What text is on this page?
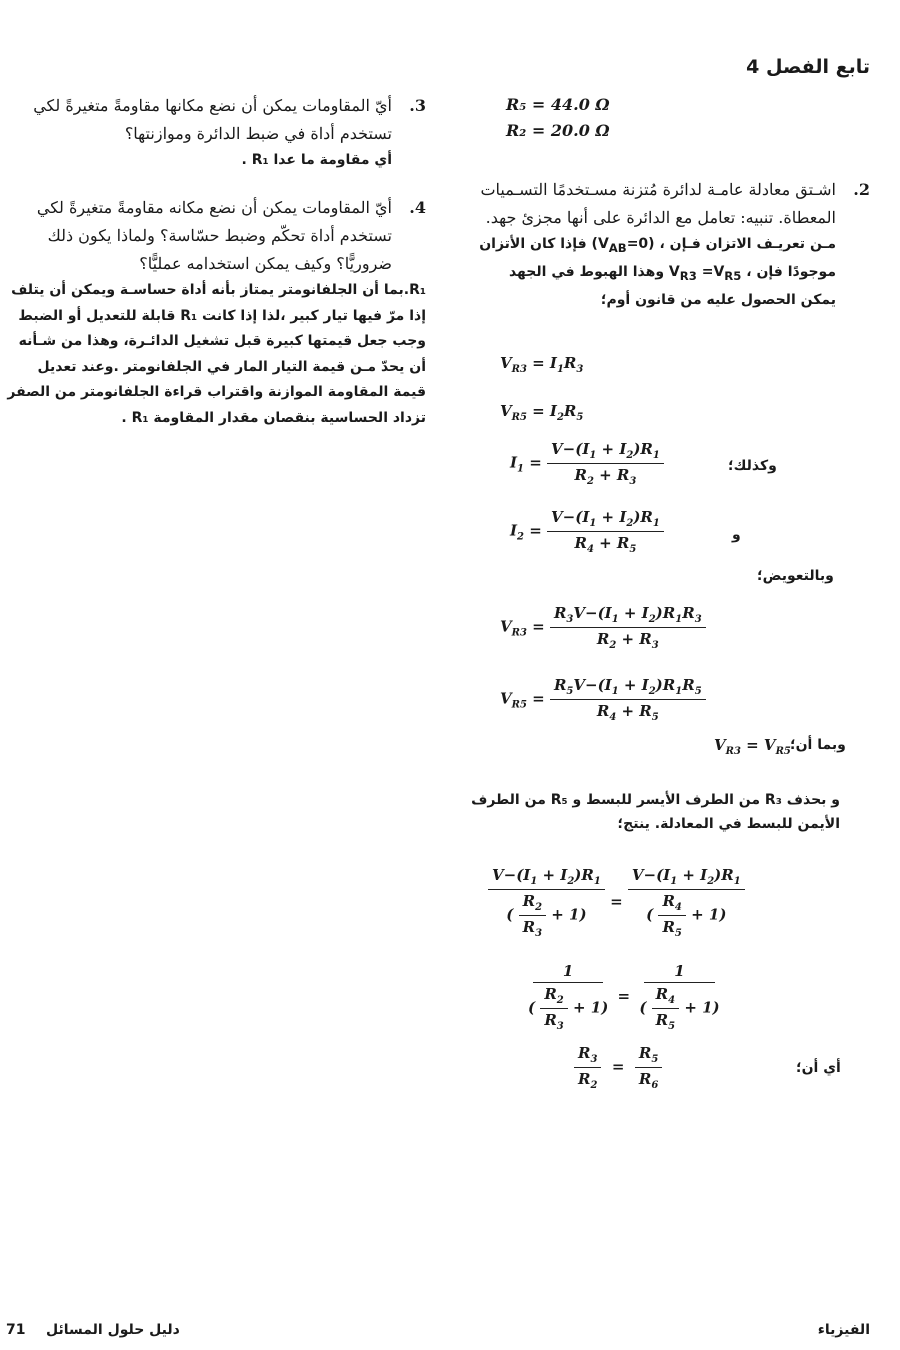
تابع الفصل 4
R₅ = 44.0 Ω
R₂ = 20.0 Ω
2.
اشـتق معادلة عامـة لدائرة مُتزنة مسـتخدمًا التسـميات المعطاة. تنبيه: تعامل مع الدائرة على أنها مجزئ جهد.
مـن تعريـف الاتزان فـإن ، $(V_{AB}=0)$ فإذا كان الأتزان موجودًا فإن ، $V_{R3} =V_{R5}$ وهذا الهبوط في الجهد يمكن الحصول عليه من قانون أوم؛
$V_{R3} = I_1R_3$
$V_{R5} = I_2R_5$
$I_1 = \frac{V-(I_1 + I_2)R_1}{R_2 + R_3}$	وكذلك؛
$I_2 = \frac{V-(I_1 + I_2)R_1}{R_4 + R_5}$	و
وبالتعويض؛
$V_{R3} = \frac{R_3V-(I_1 + I_2)R_1R_3}{R_2 + R_3}$
$V_{R5} = \frac{R_5V-(I_1 + I_2)R_1R_5}{R_4 + R_5}$
$V_{R3} = V_{R5}$ وبما أن؛
و بحذف R₃ من الطرف الأيسر للبسط و R₅ من الطرف الأيمن للبسط في المعادلة. ينتج؛
$\frac{V-(I_1 + I_2)R_1}{( \frac{R_2}{R_3} + 1)} = \frac{V-(I_1 + I_2)R_1}{( \frac{R_4}{R_5} + 1)}$
$\frac{1}{( \frac{R_2}{R_3} + 1)} = \frac{1}{( \frac{R_4}{R_5} + 1)}$
$\frac{R_3}{R_2} = \frac{R_5}{R_6}$	أي أن؛
3.
أيّ المقاومات يمكن أن نضع مكانها مقاومةً متغيرةً لكي تستخدم أداة في ضبط الدائرة وموازنتها؟
أي مقاومة ما عدا R₁ .
4.
أيّ المقاومات يمكن أن نضع مكانه مقاومةً متغيرةً لكي تستخدم أداة تحكّم وضبط حسّاسة؟ ولماذا يكون ذلك ضروريًّا؟ وكيف يمكن استخدامه عمليًّا؟
R₁.بما أن الجلفانومتر يمتاز بأنه أداة حساسـة ويمكن أن يتلف إذا مرّ فيها تيار كبير ،لذا إذا كانت R₁ قابلة للتعديل أو الضبط وجب جعل قيمتها كبيرة قبل تشغيل الدائـرة، وهذا من شـأنه أن يحدّ مـن قيمة التيار المار في الجلفانومتر .وعند تعديل قيمة المقاومة الموازنة واقتراب قراءة الجلفانومتر من الصفر تزداد الحساسية بنقصان مقدار المقاومة R₁ .
71 دليل حلول المسائل	الفيزياء
